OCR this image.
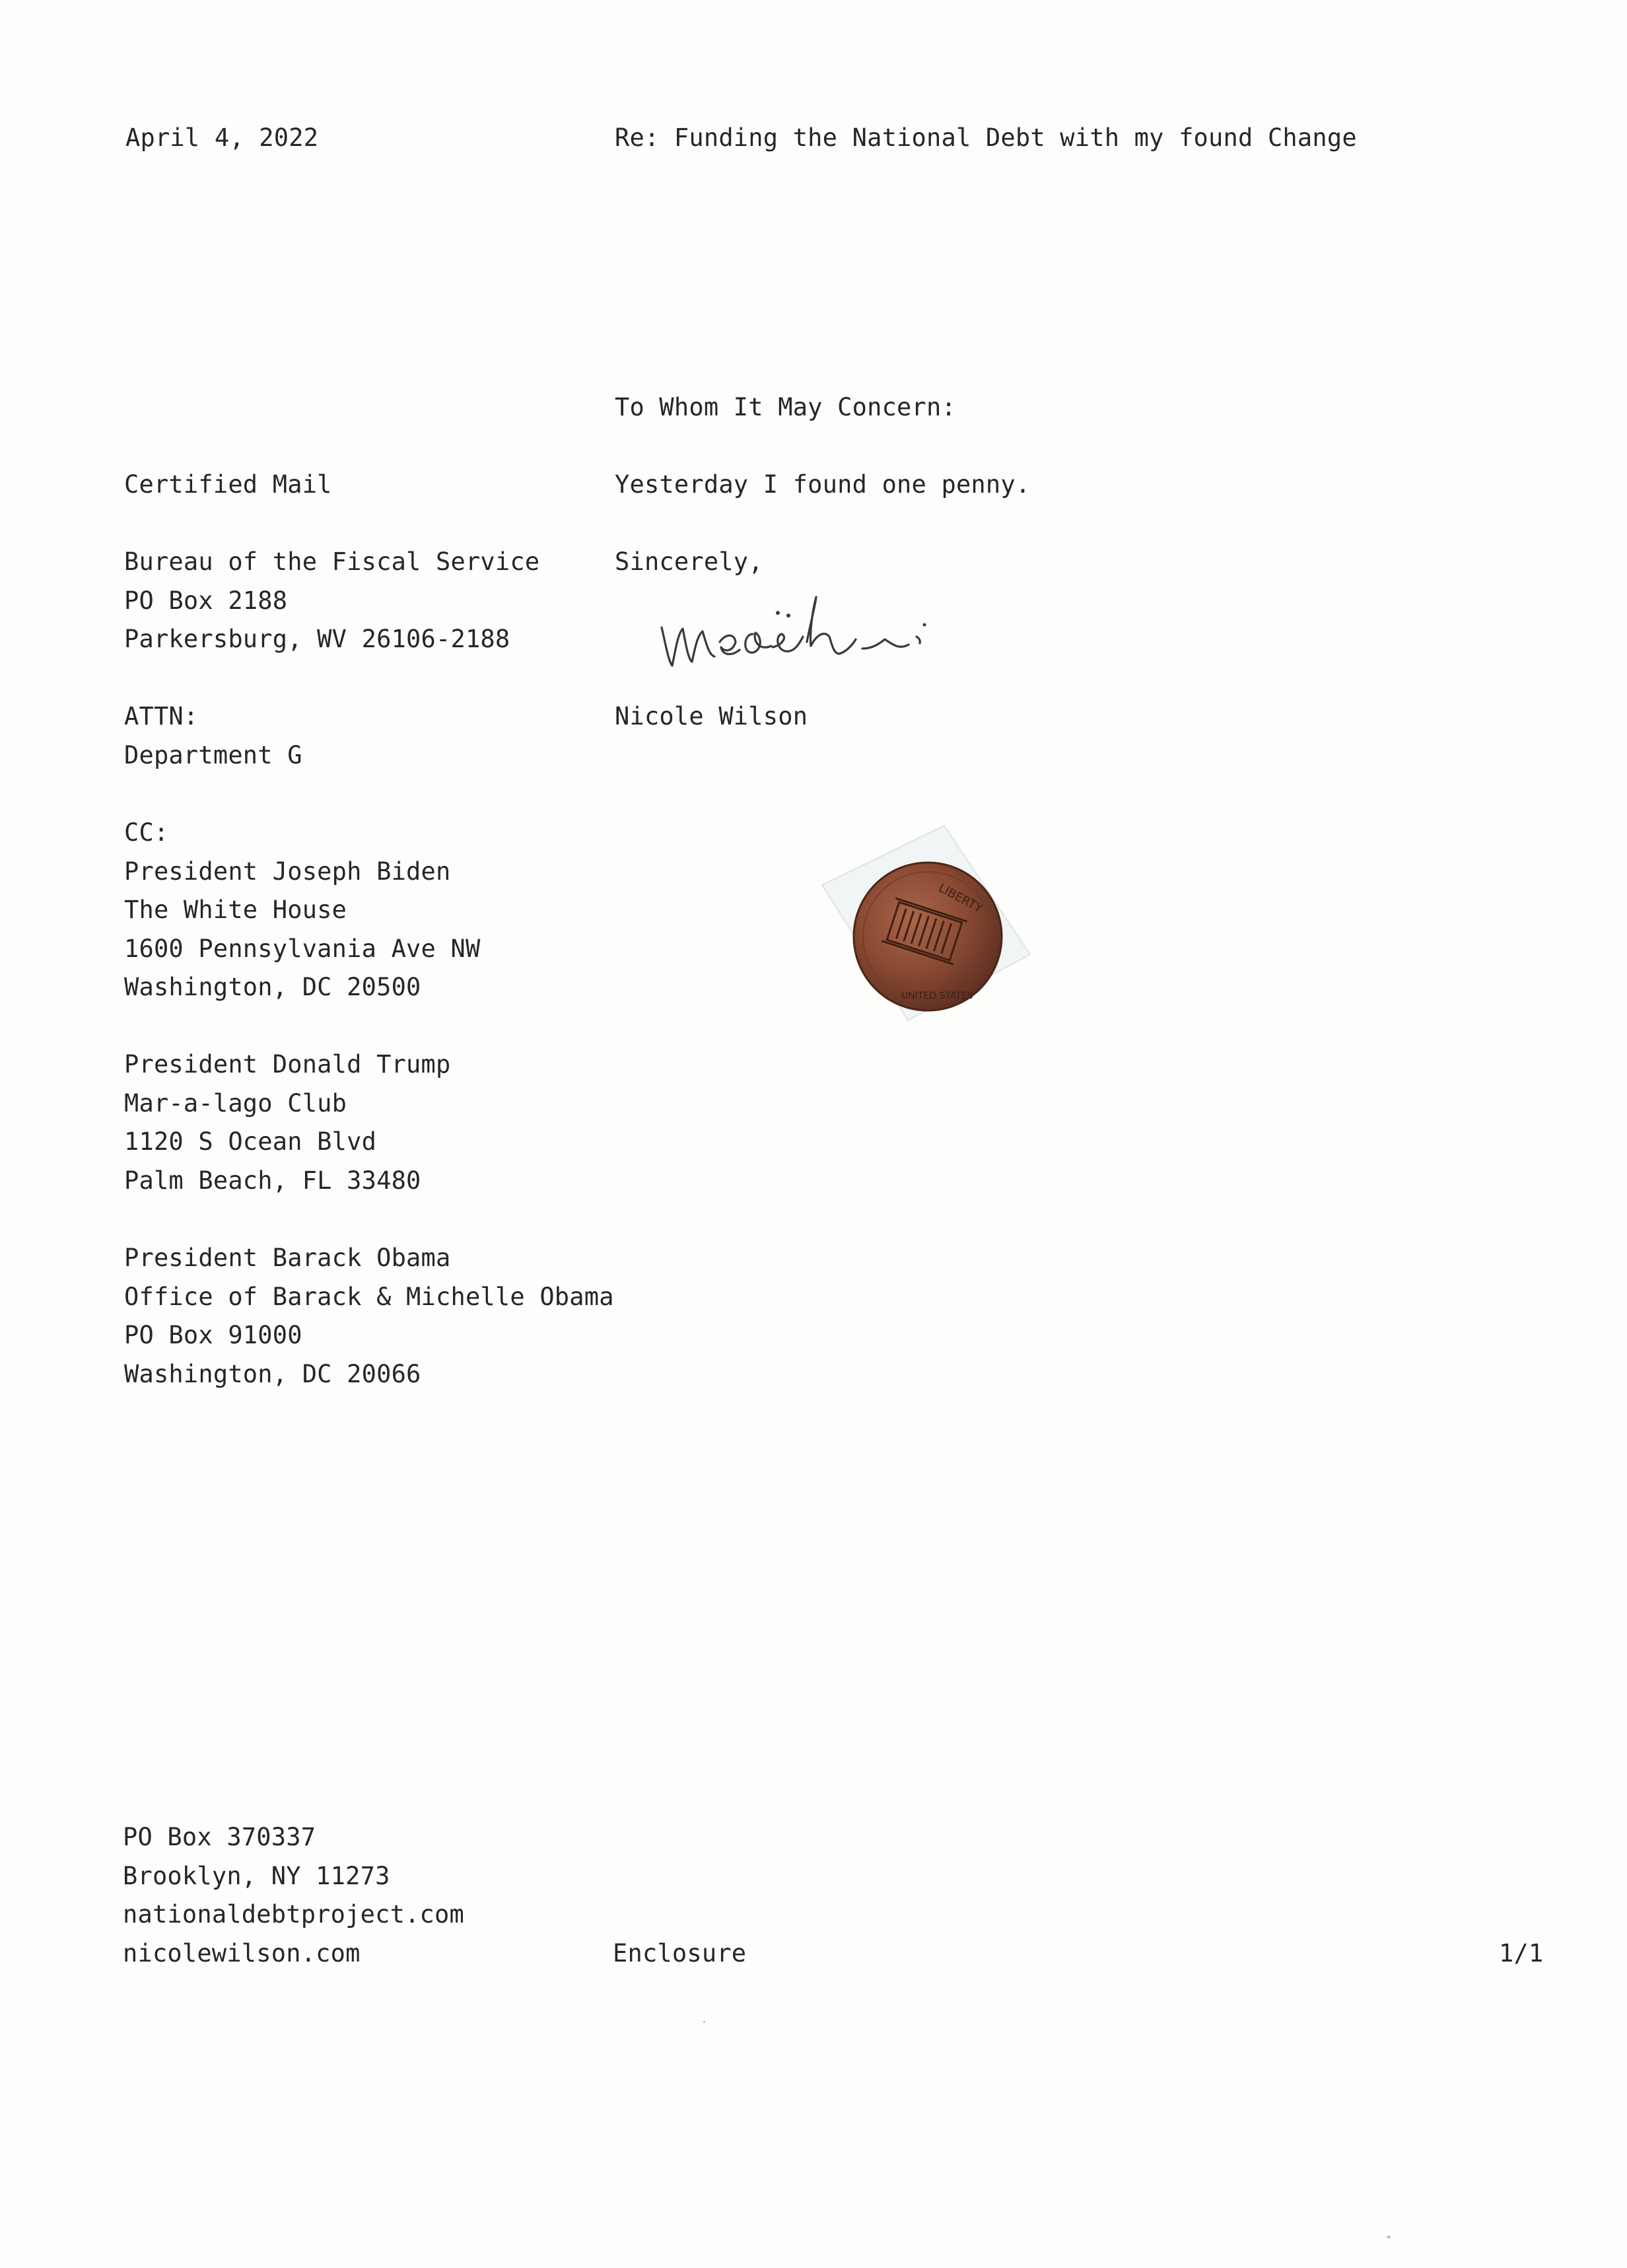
April 4, 2022	Re: Funding the National Debt with my found Change
To Whom It May Concern:
Yesterday I found one penny.
Sincerely,
Nicole Wilson
Certified Mail
Bureau of the Fiscal Service
PO Box 2188
Parkersburg, WV 26106-2188
ATTN:
Department G
CC:
President Joseph Biden
The White House
1600 Pennsylvania Ave NW
Washington, DC 20500
President Donald Trump
Mar-a-lago Club
1120 S Ocean Blvd
Palm Beach, FL 33480
President Barack Obama
Office of Barack & Michelle Obama
PO Box 91000
Washington, DC 20066
LIBERTY
UNITED STATES
PO Box 370337
Brooklyn, NY 11273
nationaldebtproject.com
nicolewilson.com	Enclosure	1/1
